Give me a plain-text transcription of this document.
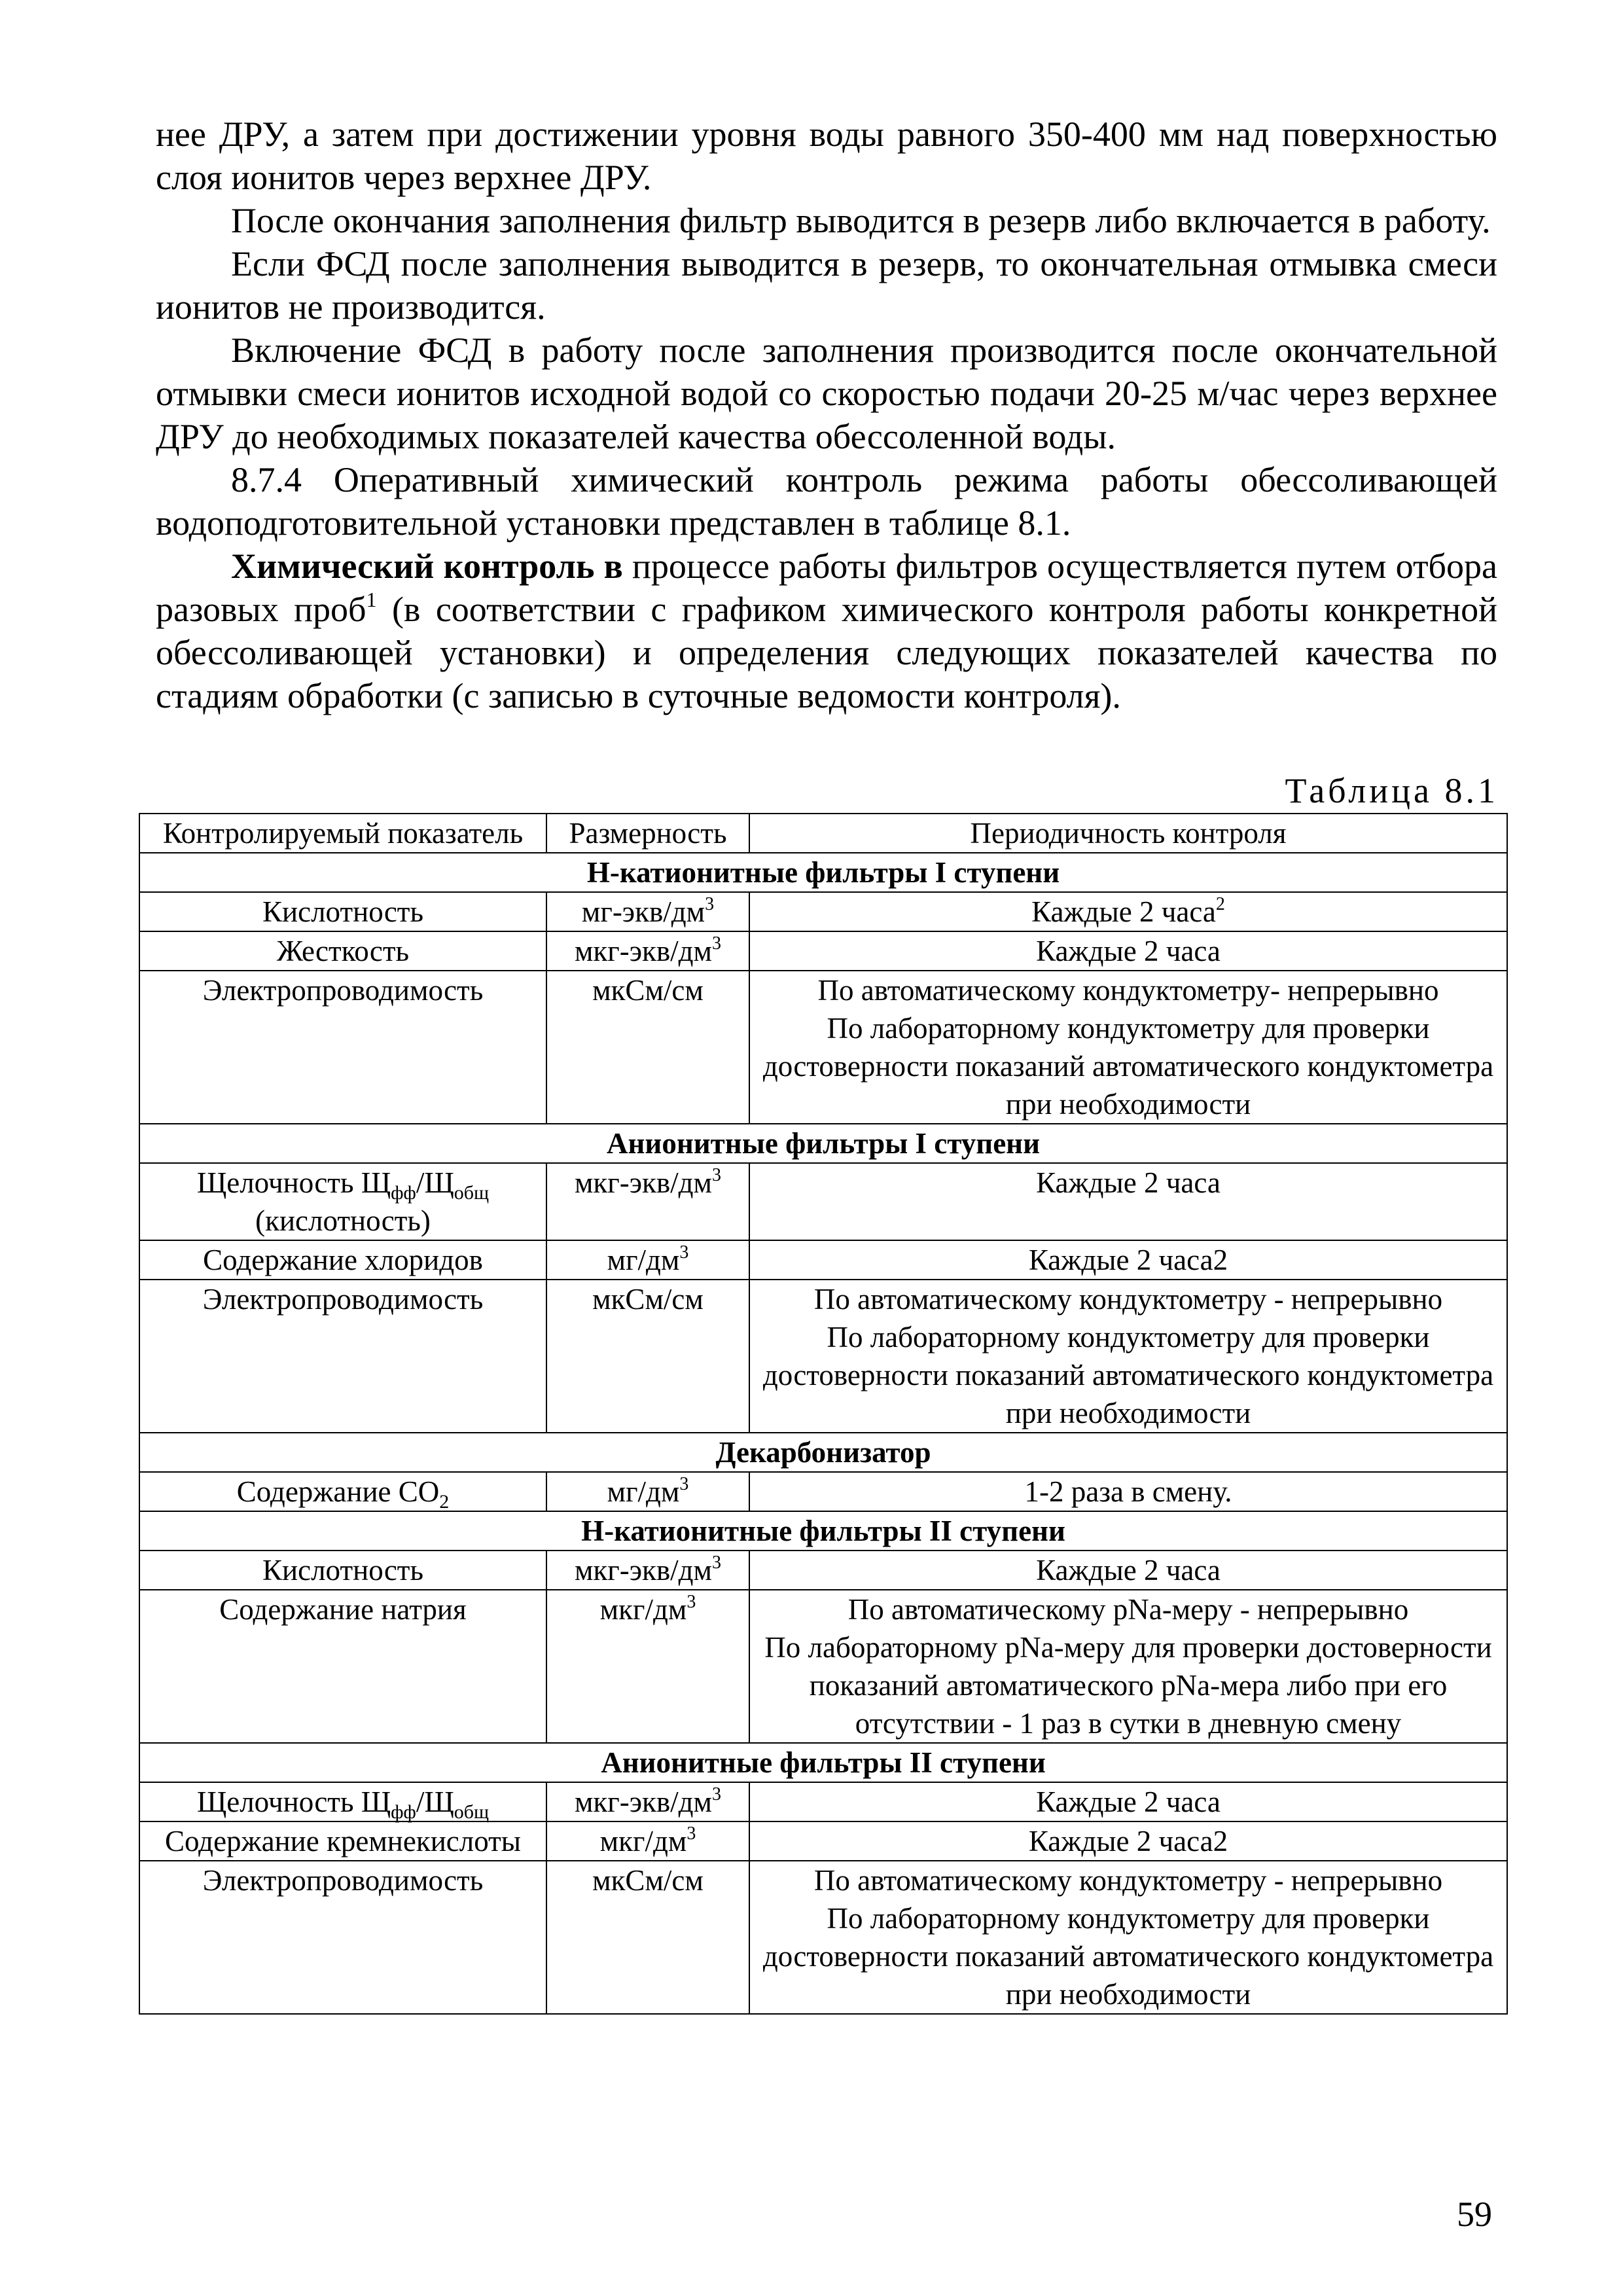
нее ДРУ, а затем при достижении уровня воды равного 350-400 мм над поверхностью слоя ионитов через верхнее ДРУ.

После окончания заполнения фильтр выводится в резерв либо включается в работу.

Если ФСД после заполнения выводится в резерв, то окончательная отмывка смеси ионитов не производится.

Включение ФСД в работу после заполнения производится после окончательной отмывки смеси ионитов исходной водой со скоростью подачи 20-25 м/час через верхнее ДРУ до необходимых показателей качества обессоленной воды.

8.7.4 Оперативный химический контроль режима работы обессоливающей водоподготовительной установки представлен в таблице 8.1.

Химический контроль в процессе работы фильтров осуществляется путем отбора разовых проб$^1$ (в соответствии с графиком химического контроля работы конкретной обессоливающей установки) и определения следующих показателей качества по стадиям обработки (с записью в суточные ведомости контроля).

Таблица 8.1
Контролируемый показатель	Размерность	Периодичность контроля
Н-катионитные фильтры I ступени		
Кислотность	$мг-экв/дм^3$	Каждые 2 часа$^2$
Жесткость	мкг-$экв/дм^3$	Каждые 2 часа
Электропроводимость	мкСм/см	По автоматическому кондуктометру- непрерывно
По лабораторному кондуктометру для проверки достоверности показаний автоматического кондуктометра при необходимости

Анионитные фильтры I ступени		
Щелочность $Щ_{фф}/Щ_{общ}$ (кислотность)	мкг-$экв/дм^3$	Каждые 2 часа
Содержание хлоридов	$мг/дм^3$	Каждые 2 часа2
Электропроводимость	мкСм/см	По автоматическому кондуктометру - непрерывно
По лабораторному кондуктометру для проверки достоверности показаний автоматического кондуктометра при необходимости

Декарбонизатор		
Содержание $СО_2$	$мг/дм^3$	1-2 раза в смену.
Н-катионитные фильтры II ступени		
Кислотность	мкг-$экв/дм^3$	Каждые 2 часа
Содержание натрия	мкг/$дм^3$	По автоматическому pNa-меру - непрерывно
По лабораторному pNa-меру для проверки достоверности показаний автоматического pNa-мера либо при его отсутствии - 1 раз в сутки в дневную смену

Анионитные фильтры II ступени		
Щелочность $Щ_{фф}/Щ_{общ}$	мкг-$экв/дм^3$	Каждые 2 часа
Содержание кремнекислоты	мкг/$дм^3$	Каждые 2 часа2
Электропроводимость	мкСм/см	По автоматическому кондуктометру - непрерывно
По лабораторному кондуктометру для проверки достоверности показаний автоматического кондуктометра при необходимости
59
